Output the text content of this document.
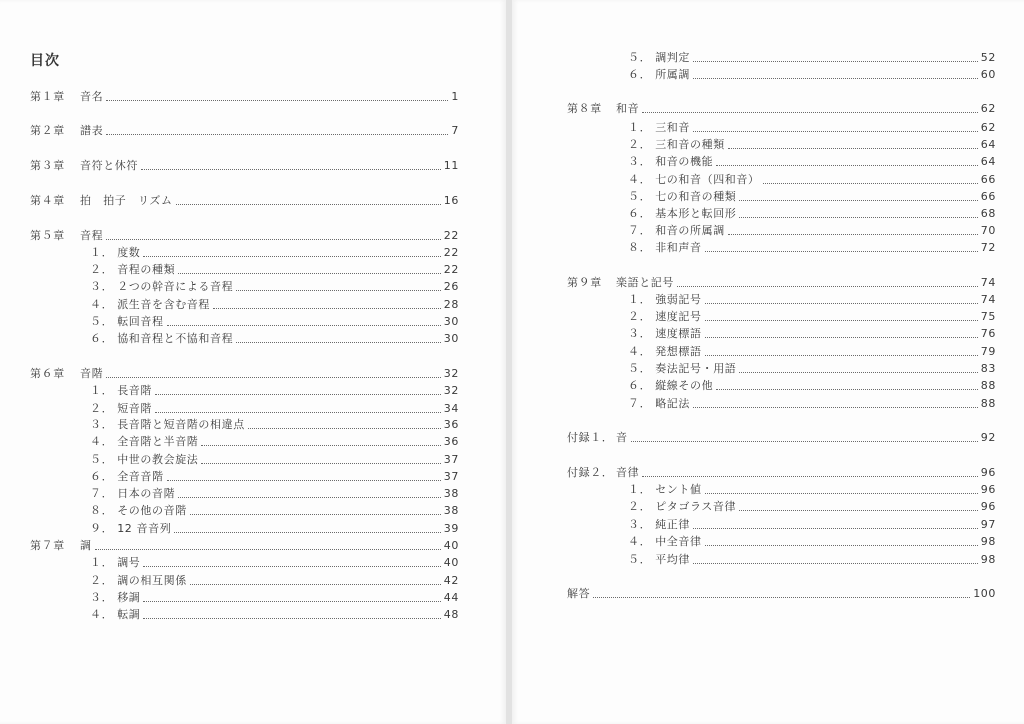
目次
第１章	音名	1
第２章	譜表	7
第３章	音符と休符	11
第４章	拍　拍子　リズム	16
第５章	音程	22
１． 度数	22
２． 音程の種類	22
３． ２つの幹音による音程	26
４． 派生音を含む音程	28
５． 転回音程	30
６． 協和音程と不協和音程	30
第６章	音階	32
１． 長音階	32
２． 短音階	34
３． 長音階と短音階の相違点	36
４． 全音階と半音階	36
５． 中世の教会旋法	37
６． 全音音階	37
７． 日本の音階	38
８． その他の音階	38
９． 12 音音列	39
第７章	調	40
１． 調号	40
２． 調の相互関係	42
３． 移調	44
４． 転調	48
５． 調判定	52
６． 所属調	60
第８章	和音	62
１． 三和音	62
２． 三和音の種類	64
３． 和音の機能	64
４． 七の和音（四和音）	66
５． 七の和音の種類	66
６． 基本形と転回形	68
７． 和音の所属調	70
８． 非和声音	72
第９章	楽語と記号	74
１． 強弱記号	74
２． 速度記号	75
３． 速度標語	76
４． 発想標語	79
５． 奏法記号・用語	83
６． 縦線その他	88
７． 略記法	88
付録１． 音	92
付録２． 音律	96
１． セント値	96
２． ピタゴラス音律	96
３． 純正律	97
４． 中全音律	98
５． 平均律	98
解答	100
